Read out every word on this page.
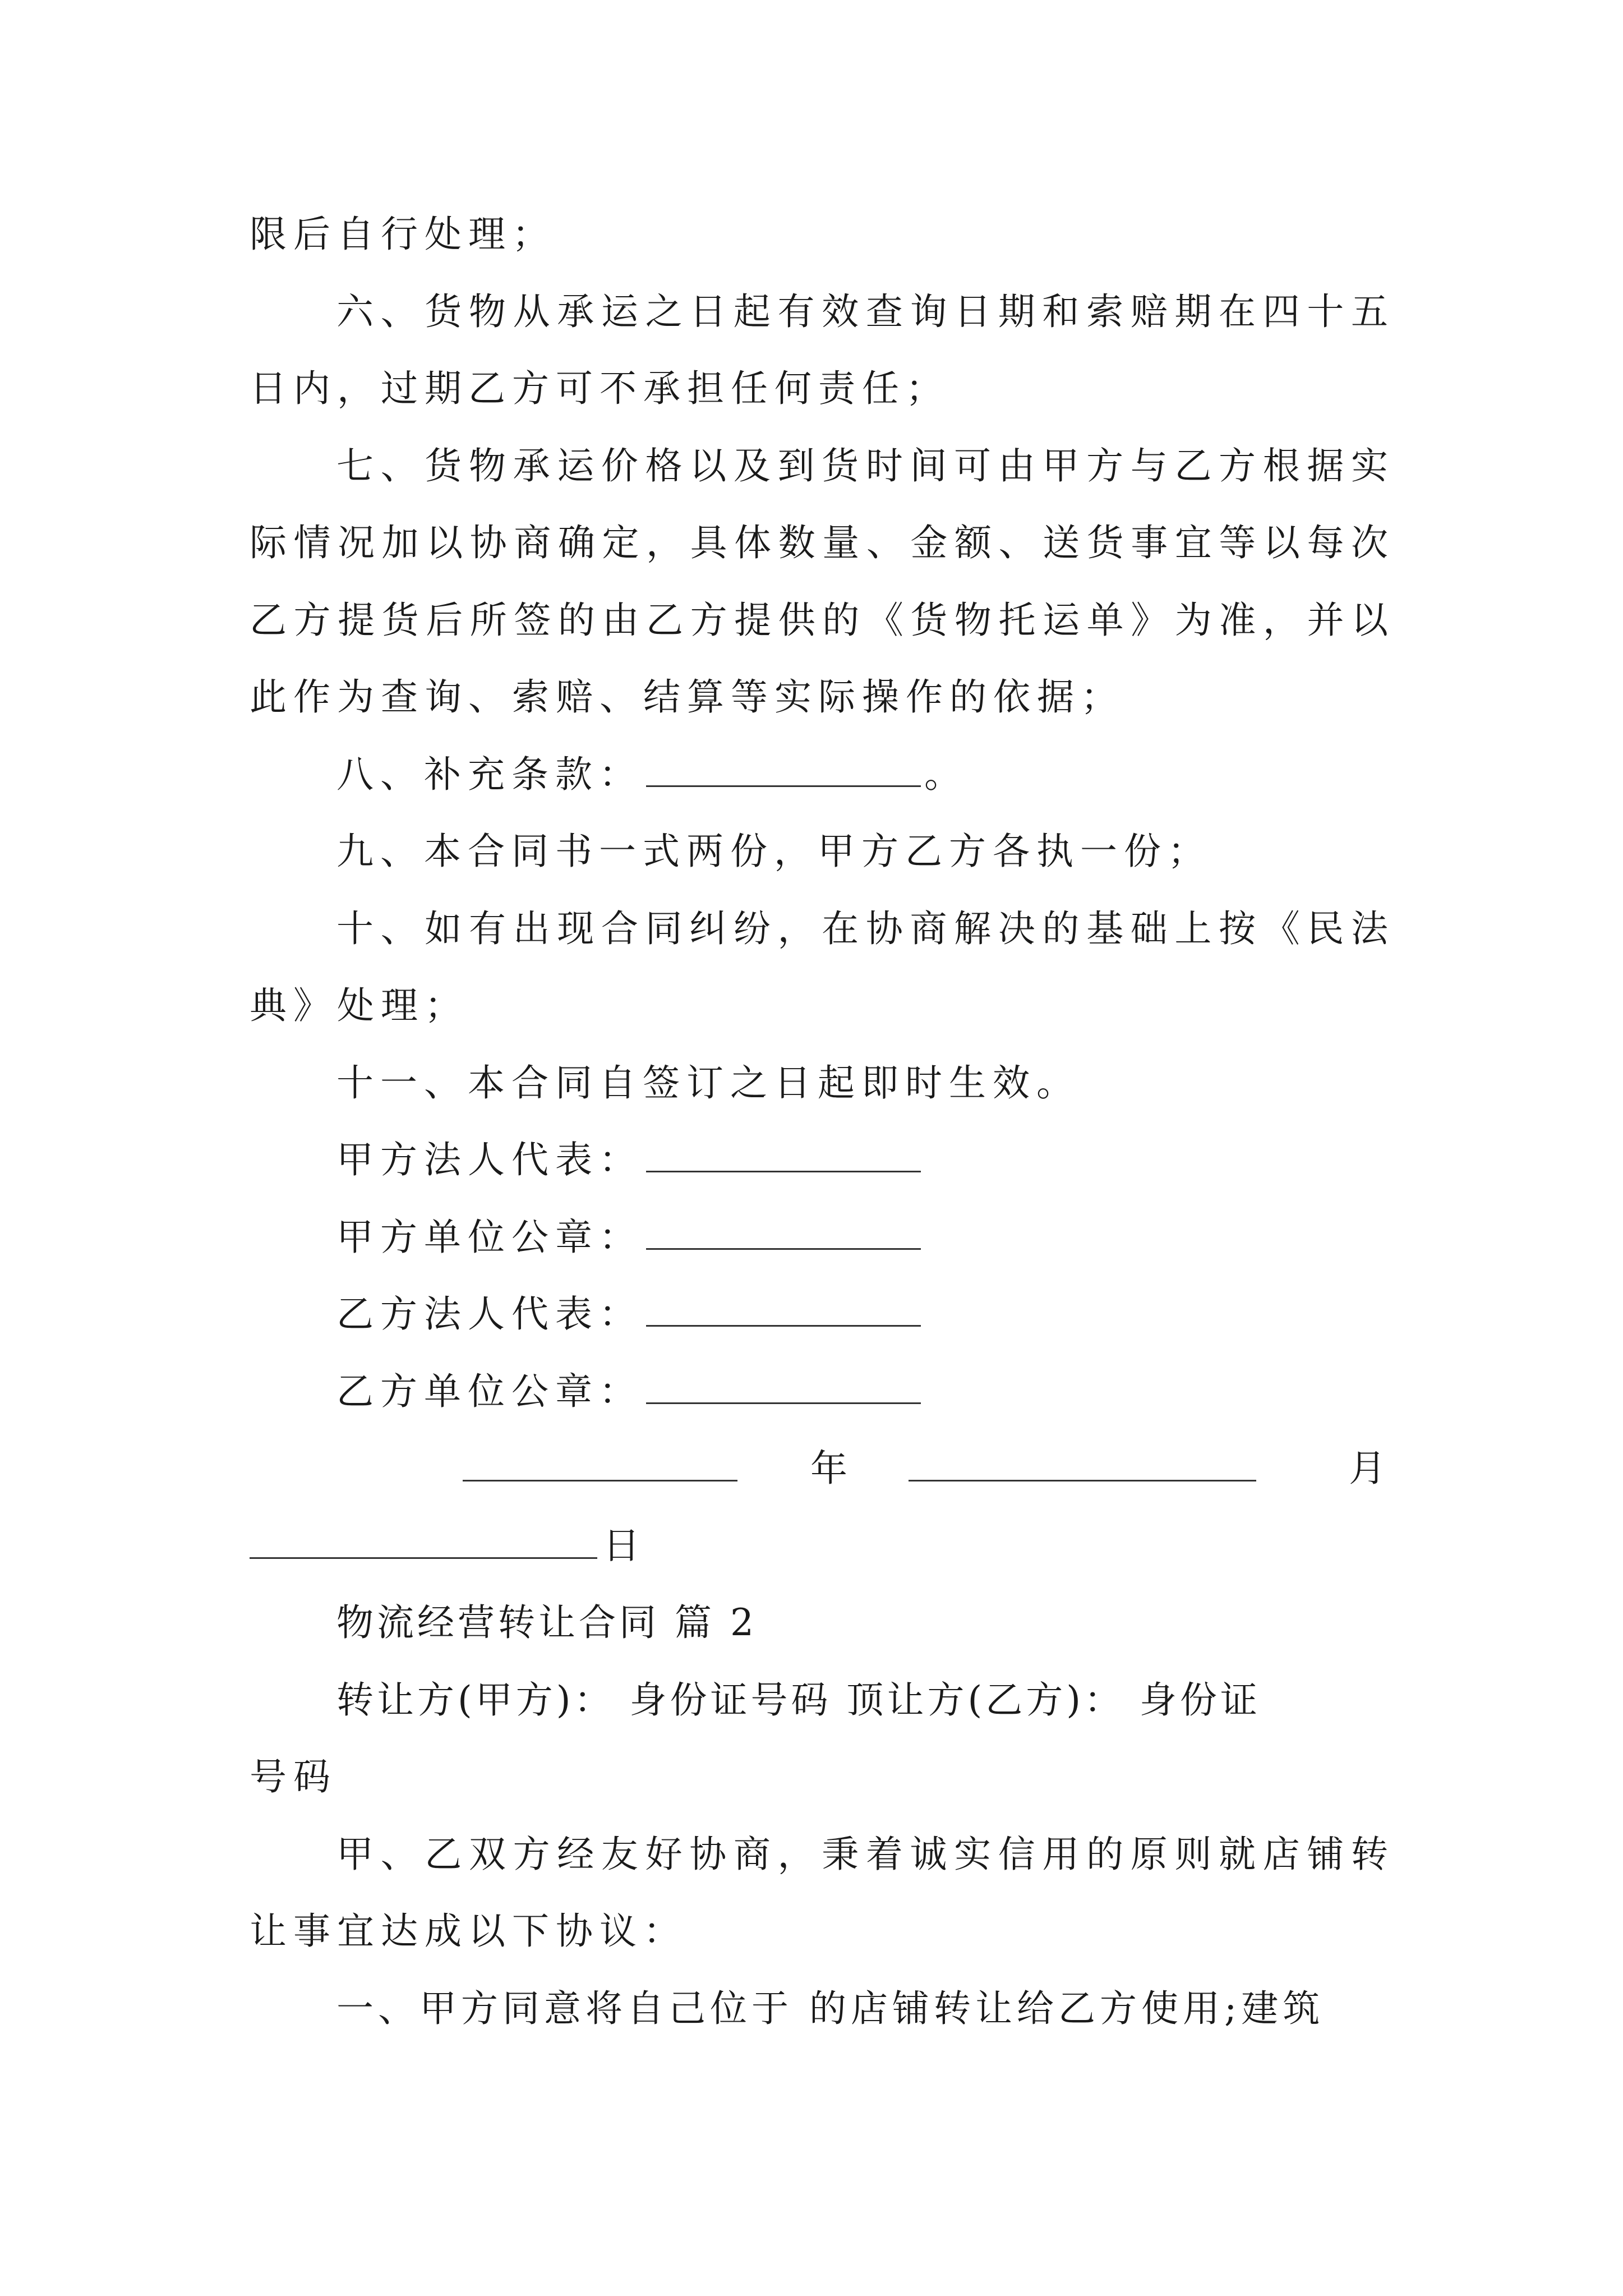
限后自行处理；
六、货物从承运之日起有效查询日期和索赔期在四十五
日内，过期乙方可不承担任何责任；
七、货物承运价格以及到货时间可由甲方与乙方根据实
际情况加以协商确定，具体数量、金额、送货事宜等以每次
乙方提货后所签的由乙方提供的《货物托运单》为准，并以
此作为查询、索赔、结算等实际操作的依据；
八、补充条款：	。
九、本合同书一式两份，甲方乙方各执一份；
十、如有出现合同纠纷，在协商解决的基础上按《民法
典》处理；
十一、本合同自签订之日起即时生效。
甲方法人代表：
甲方单位公章：
乙方法人代表：
乙方单位公章：
年	月
日
物流经营转让合同 篇 2
转让方(甲方)： 身份证号码 顶让方(乙方)： 身份证
号码
甲、乙双方经友好协商，秉着诚实信用的原则就店铺转
让事宜达成以下协议：
一、甲方同意将自己位于 的店铺转让给乙方使用;建筑
